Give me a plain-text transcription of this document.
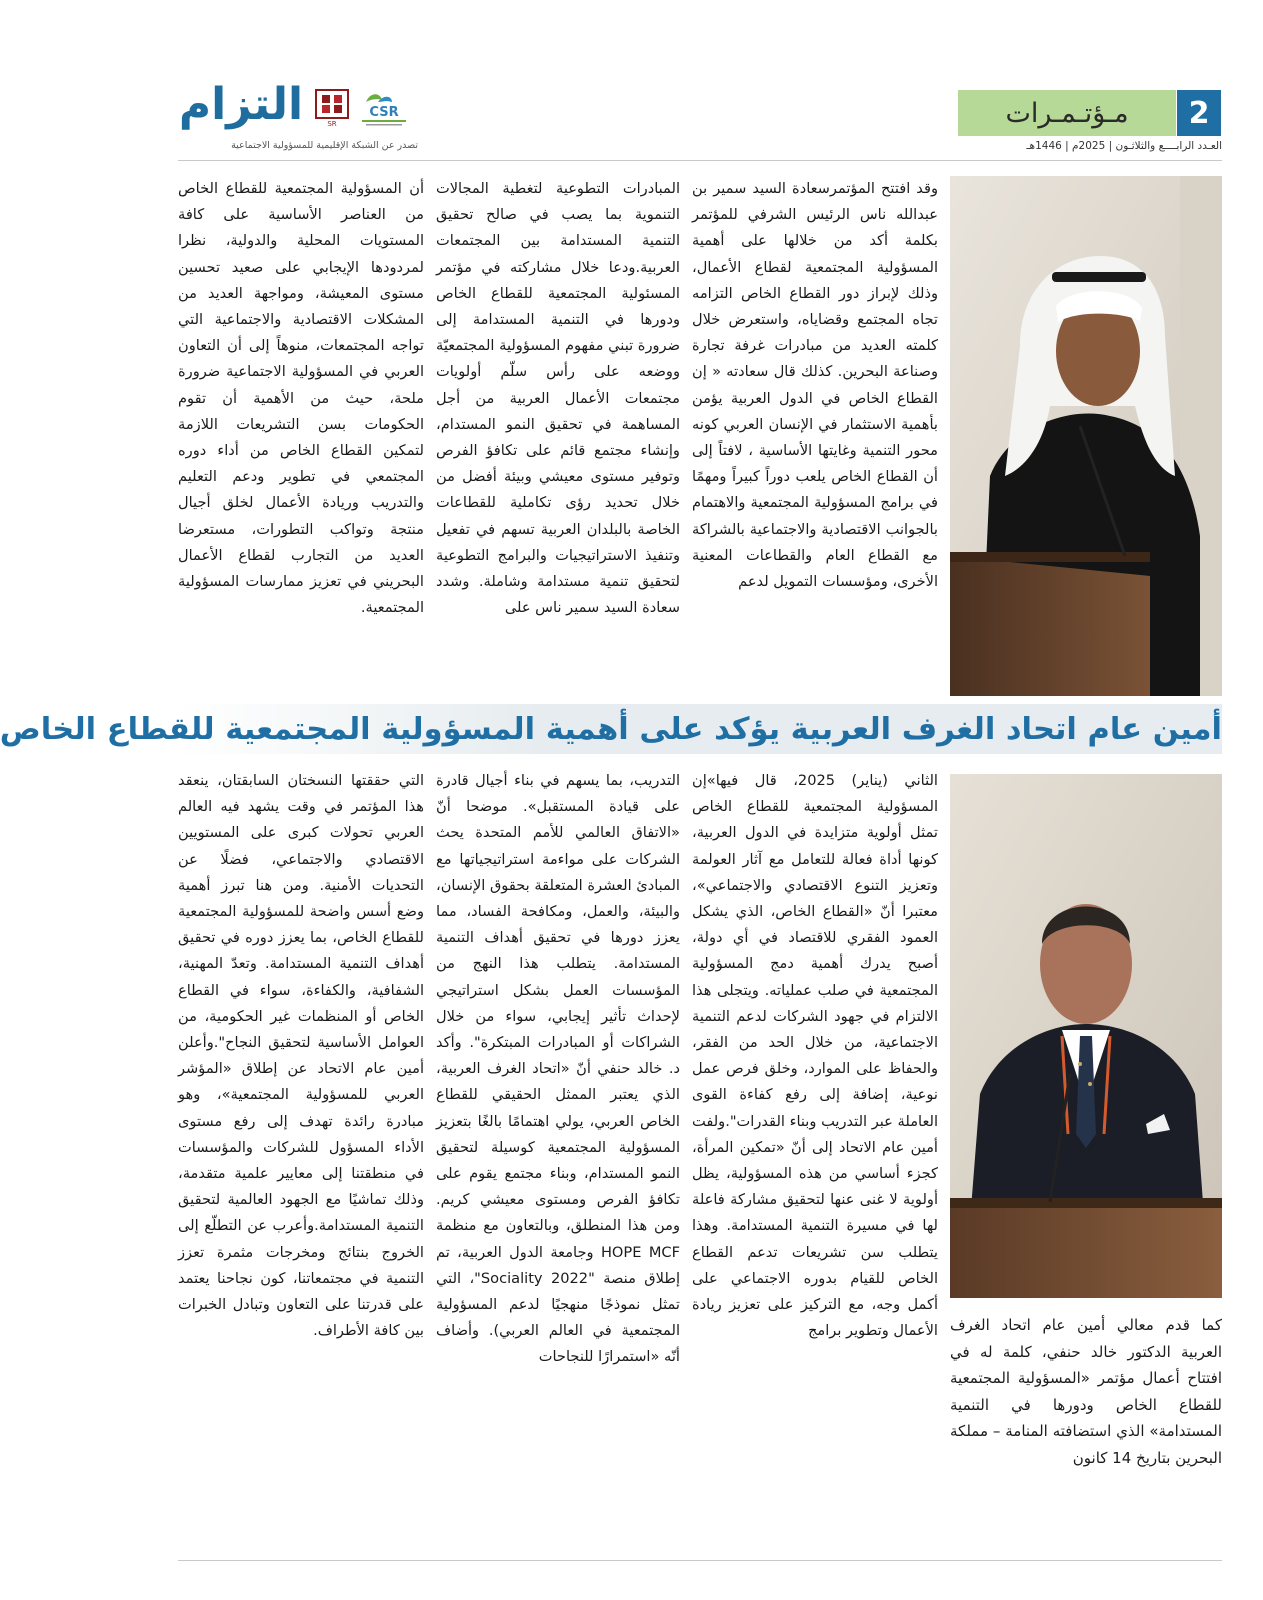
2
مـؤتـمـرات
العـدد الرابــــع والثلاثـون | 2025م | 1446هـ
التزام	SR
CSR
تصدر عن الشبكة الإقليمية للمسؤولية الاجتماعية

وقد افتتح المؤتمرسعادة السيد سمير بن عبدالله ناس الرئيس الشرفي للمؤتمر بكلمة أكد من خلالها على أهمية المسؤولية المجتمعية لقطاع الأعمال، وذلك لإبراز دور القطاع الخاص التزامه تجاه المجتمع وقضاياه، واستعرض خلال كلمته العديد من مبادرات غرفة تجارة وصناعة البحرين. كذلك قال سعادته « إن القطاع الخاص في الدول العربية يؤمن بأهمية الاستثمار في الإنسان العربي كونه محور التنمية وغايتها الأساسية ، لافتاً إلى أن القطاع الخاص يلعب دوراً كبيراً ومهمًا في برامج المسؤولية المجتمعية والاهتمام بالجوانب الاقتصادية والاجتماعية بالشراكة مع القطاع العام والقطاعات المعنية الأخرى، ومؤسسات التمويل لدعم

المبادرات التطوعية لتغطية المجالات التنموية بما يصب في صالح تحقيق التنمية المستدامة بين المجتمعات العربية.ودعا خلال مشاركته في مؤتمر المسئولية المجتمعية للقطاع الخاص ودورها في التنمية المستدامة إلى ضرورة تبني مفهوم المسؤولية المجتمعيّة ووضعه على رأس سلّم أولويات مجتمعات الأعمال العربية من أجل المساهمة في تحقيق النمو المستدام، وإنشاء مجتمع قائم على تكافؤ الفرص وتوفير مستوى معيشي وبيئة أفضل من خلال تحديد رؤى تكاملية للقطاعات الخاصة بالبلدان العربية تسهم في تفعيل وتنفيذ الاستراتيجيات والبرامج التطوعية لتحقيق تنمية مستدامة وشاملة. وشدد سعادة السيد سمير ناس على

أن المسؤولية المجتمعية للقطاع الخاص من العناصر الأساسية على كافة المستويات المحلية والدولية، نظرا لمردودها الإيجابي على صعيد تحسين مستوى المعيشة، ومواجهة العديد من المشكلات الاقتصادية والاجتماعية التي تواجه المجتمعات، منوهاً إلى أن التعاون العربي في المسؤولية الاجتماعية ضرورة ملحة، حيث من الأهمية أن تقوم الحكومات بسن التشريعات اللازمة لتمكين القطاع الخاص من أداء دوره المجتمعي في تطوير ودعم التعليم والتدريب وريادة الأعمال لخلق أجيال منتجة وتواكب التطورات، مستعرضا العديد من التجارب لقطاع الأعمال البحريني في تعزيز ممارسات المسؤولية المجتمعية.

أمين عام اتحاد الغرف العربية يؤكد على أهمية المسؤولية المجتمعية للقطاع الخاص

كما قدم معالي أمين عام اتحاد الغرف العربية الدكتور خالد حنفي، كلمة له في افتتاح أعمال مؤتمر «المسؤولية المجتمعية للقطاع الخاص ودورها في التنمية المستدامة» الذي استضافته المنامة – مملكة البحرين بتاريخ 14 كانون

الثاني (يناير) 2025، قال فيها»إن المسؤولية المجتمعية للقطاع الخاص تمثل أولوية متزايدة في الدول العربية، كونها أداة فعالة للتعامل مع آثار العولمة وتعزيز التنوع الاقتصادي والاجتماعي»، معتبرا أنّ «القطاع الخاص، الذي يشكل العمود الفقري للاقتصاد في أي دولة، أصبح يدرك أهمية دمج المسؤولية المجتمعية في صلب عملياته. ويتجلى هذا الالتزام في جهود الشركات لدعم التنمية الاجتماعية، من خلال الحد من الفقر، والحفاظ على الموارد، وخلق فرص عمل نوعية، إضافة إلى رفع كفاءة القوى العاملة عبر التدريب وبناء القدرات".ولفت أمين عام الاتحاد إلى أنّ «تمكين المرأة، كجزء أساسي من هذه المسؤولية، يظل أولوية لا غنى عنها لتحقيق مشاركة فاعلة لها في مسيرة التنمية المستدامة. وهذا يتطلب سن تشريعات تدعم القطاع الخاص للقيام بدوره الاجتماعي على أكمل وجه، مع التركيز على تعزيز ريادة الأعمال وتطوير برامج

التدريب، بما يسهم في بناء أجيال قادرة على قيادة المستقبل». موضحا أنّ «الاتفاق العالمي للأمم المتحدة يحث الشركات على مواءمة استراتيجياتها مع المبادئ العشرة المتعلقة بحقوق الإنسان، والبيئة، والعمل، ومكافحة الفساد، مما يعزز دورها في تحقيق أهداف التنمية المستدامة. يتطلب هذا النهج من المؤسسات العمل بشكل استراتيجي لإحداث تأثير إيجابي، سواء من خلال الشراكات أو المبادرات المبتكرة". وأكد د. خالد حنفي أنّ «اتحاد الغرف العربية، الذي يعتبر الممثل الحقيقي للقطاع الخاص العربي، يولي اهتمامًا بالغًا بتعزيز المسؤولية المجتمعية كوسيلة لتحقيق النمو المستدام، وبناء مجتمع يقوم على تكافؤ الفرص ومستوى معيشي كريم. ومن هذا المنطلق، وبالتعاون مع منظمة HOPE MCF وجامعة الدول العربية، تم إطلاق منصة "Sociality 2022"، التي تمثل نموذجًا منهجيًا لدعم المسؤولية المجتمعية في العالم العربي). وأضاف أنّه «استمرارًا للنجاحات

التي حققتها النسختان السابقتان، ينعقد هذا المؤتمر في وقت يشهد فيه العالم العربي تحولات كبرى على المستويين الاقتصادي والاجتماعي، فضلًا عن التحديات الأمنية. ومن هنا تبرز أهمية وضع أسس واضحة للمسؤولية المجتمعية للقطاع الخاص، بما يعزز دوره في تحقيق أهداف التنمية المستدامة. وتعدّ المهنية، الشفافية، والكفاءة، سواء في القطاع الخاص أو المنظمات غير الحكومية، من العوامل الأساسية لتحقيق النجاح".وأعلن أمين عام الاتحاد عن إطلاق «المؤشر العربي للمسؤولية المجتمعية»، وهو مبادرة رائدة تهدف إلى رفع مستوى الأداء المسؤول للشركات والمؤسسات في منطقتنا إلى معايير علمية متقدمة، وذلك تماشيًا مع الجهود العالمية لتحقيق التنمية المستدامة.وأعرب عن التطلّع إلى الخروج بنتائج ومخرجات مثمرة تعزز التنمية في مجتمعاتنا، كون نجاحنا يعتمد على قدرتنا على التعاون وتبادل الخبرات بين كافة الأطراف.
